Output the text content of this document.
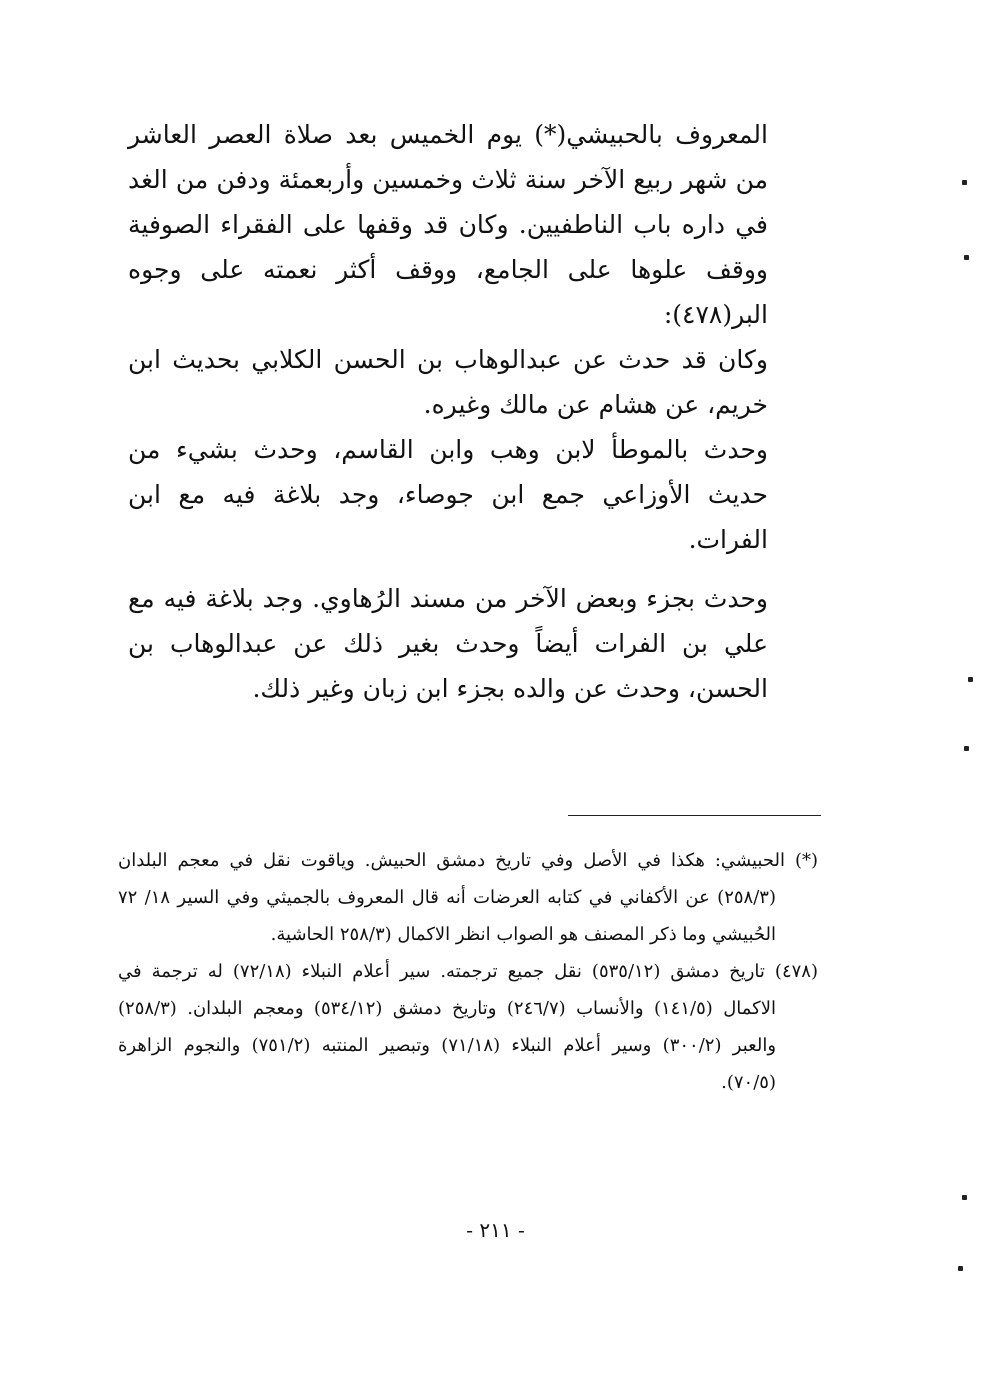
المعروف بالحبيشي(*) يوم الخميس بعد صلاة العصر العاشر من شهر ربيع الآخر سنة ثلاث وخمسين وأربعمئة ودفن من الغد في داره باب الناطفيين. وكان قد وقفها على الفقراء الصوفية ووقف علوها على الجامع، ووقف أكثر نعمته على وجوه البر(٤٧٨):

وكان قد حدث عن عبدالوهاب بن الحسن الكلابي بحديث ابن خريم، عن هشام عن مالك وغيره.

وحدث بالموطأ لابن وهب وابن القاسم، وحدث بشيء من حديث الأوزاعي جمع ابن جوصاء، وجد بلاغة فيه مع ابن الفرات.

وحدث بجزء وبعض الآخر من مسند الرُهاوي. وجد بلاغة فيه مع علي بن الفرات أيضاً وحدث بغير ذلك عن عبدالوهاب بن الحسن، وحدث عن والده بجزء ابن زبان وغير ذلك.

(*) الحبيشي: هكذا في الأصل وفي تاريخ دمشق الحبيش. وياقوت نقل في معجم البلدان (٢٥٨/٣) عن الأكفاني في كتابه العرضات أنه قال المعروف بالجميثي وفي السير ١٨/ ٧٢ الحُبيشي وما ذكر المصنف هو الصواب انظر الاكمال (٢٥٨/٣ الحاشية.

(٤٧٨) تاريخ دمشق (٥٣٥/١٢) نقل جميع ترجمته. سير أعلام النبلاء (٧٢/١٨) له ترجمة في الاكمال (١٤١/٥) والأنساب (٢٤٦/٧) وتاريخ دمشق (٥٣٤/١٢) ومعجم البلدان. (٢٥٨/٣) والعبر (٣٠٠/٢) وسير أعلام النبلاء (٧١/١٨) وتبصير المنتبه (٧٥١/٢) والنجوم الزاهرة (٧٠/٥).

- ٢١١ -
